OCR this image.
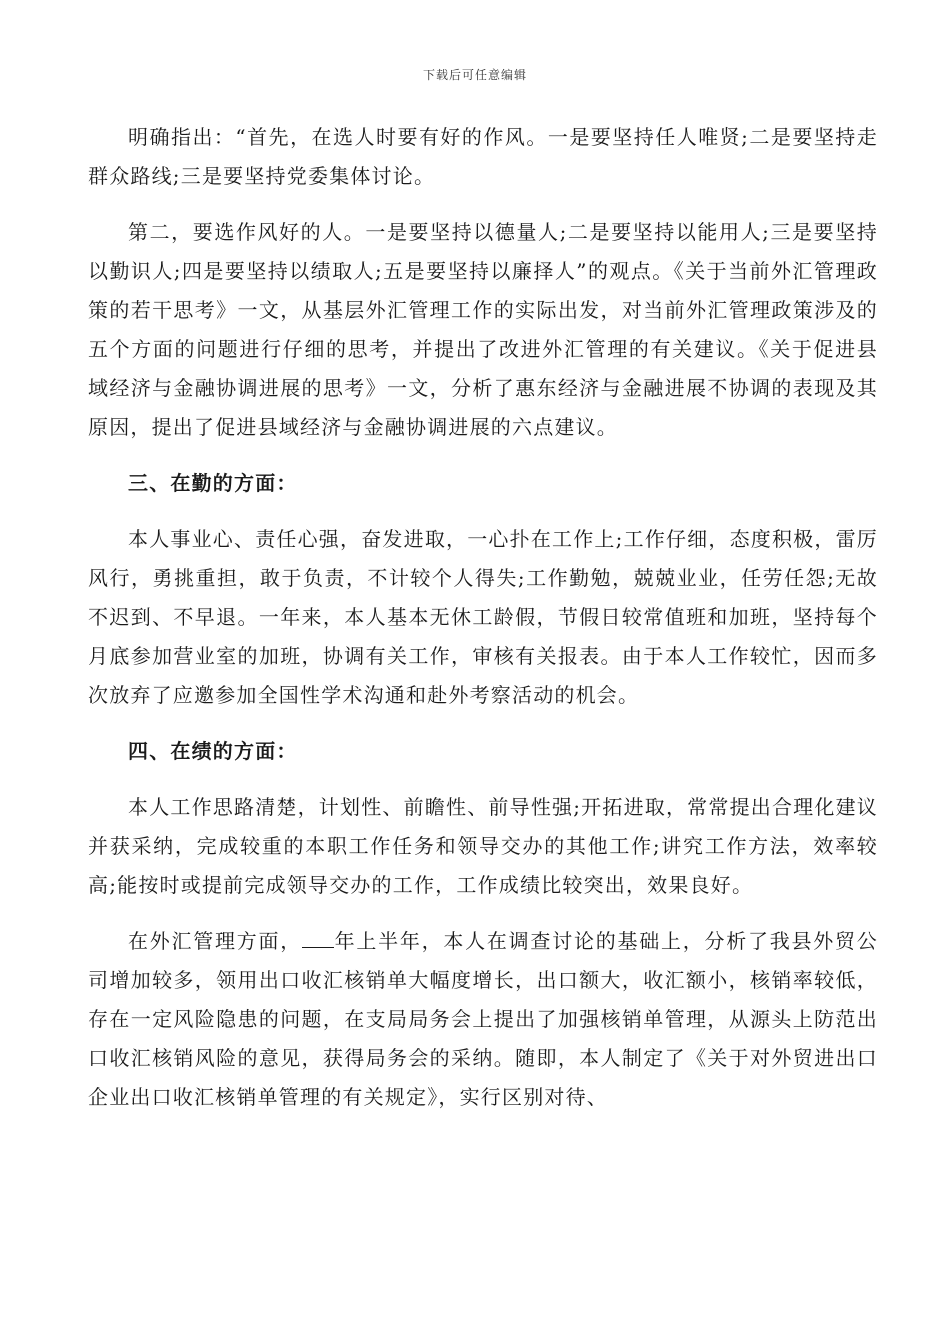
下载后可任意编辑

明确指出：“首先，在选人时要有好的作风。一是要坚持任人唯贤;二是要坚持走群众路线;三是要坚持党委集体讨论。

第二，要选作风好的人。一是要坚持以德量人;二是要坚持以能用人;三是要坚持以勤识人;四是要坚持以绩取人;五是要坚持以廉择人”的观点。《关于当前外汇管理政策的若干思考》一文，从基层外汇管理工作的实际出发，对当前外汇管理政策涉及的五个方面的问题进行仔细的思考，并提出了改进外汇管理的有关建议。《关于促进县域经济与金融协调进展的思考》一文，分析了惠东经济与金融进展不协调的表现及其原因，提出了促进县域经济与金融协调进展的六点建议。

三、在勤的方面：

本人事业心、责任心强，奋发进取，一心扑在工作上;工作仔细，态度积极，雷厉风行，勇挑重担，敢于负责，不计较个人得失;工作勤勉，兢兢业业，任劳任怨;无故不迟到、不早退。一年来，本人基本无休工龄假，节假日较常值班和加班，坚持每个月底参加营业室的加班，协调有关工作，审核有关报表。由于本人工作较忙，因而多次放弃了应邀参加全国性学术沟通和赴外考察活动的机会。

四、在绩的方面：

本人工作思路清楚，计划性、前瞻性、前导性强;开拓进取，常常提出合理化建议并获采纳，完成较重的本职工作任务和领导交办的其他工作;讲究工作方法，效率较高;能按时或提前完成领导交办的工作，工作成绩比较突出，效果良好。

在外汇管理方面， 年上半年，本人在调查讨论的基础上，分析了我县外贸公司增加较多，领用出口收汇核销单大幅度增长，出口额大，收汇额小，核销率较低，存在一定风险隐患的问题，在支局局务会上提出了加强核销单管理，从源头上防范出口收汇核销风险的意见，获得局务会的采纳。随即，本人制定了《关于对外贸进出口企业出口收汇核销单管理的有关规定》，实行区别对待、
